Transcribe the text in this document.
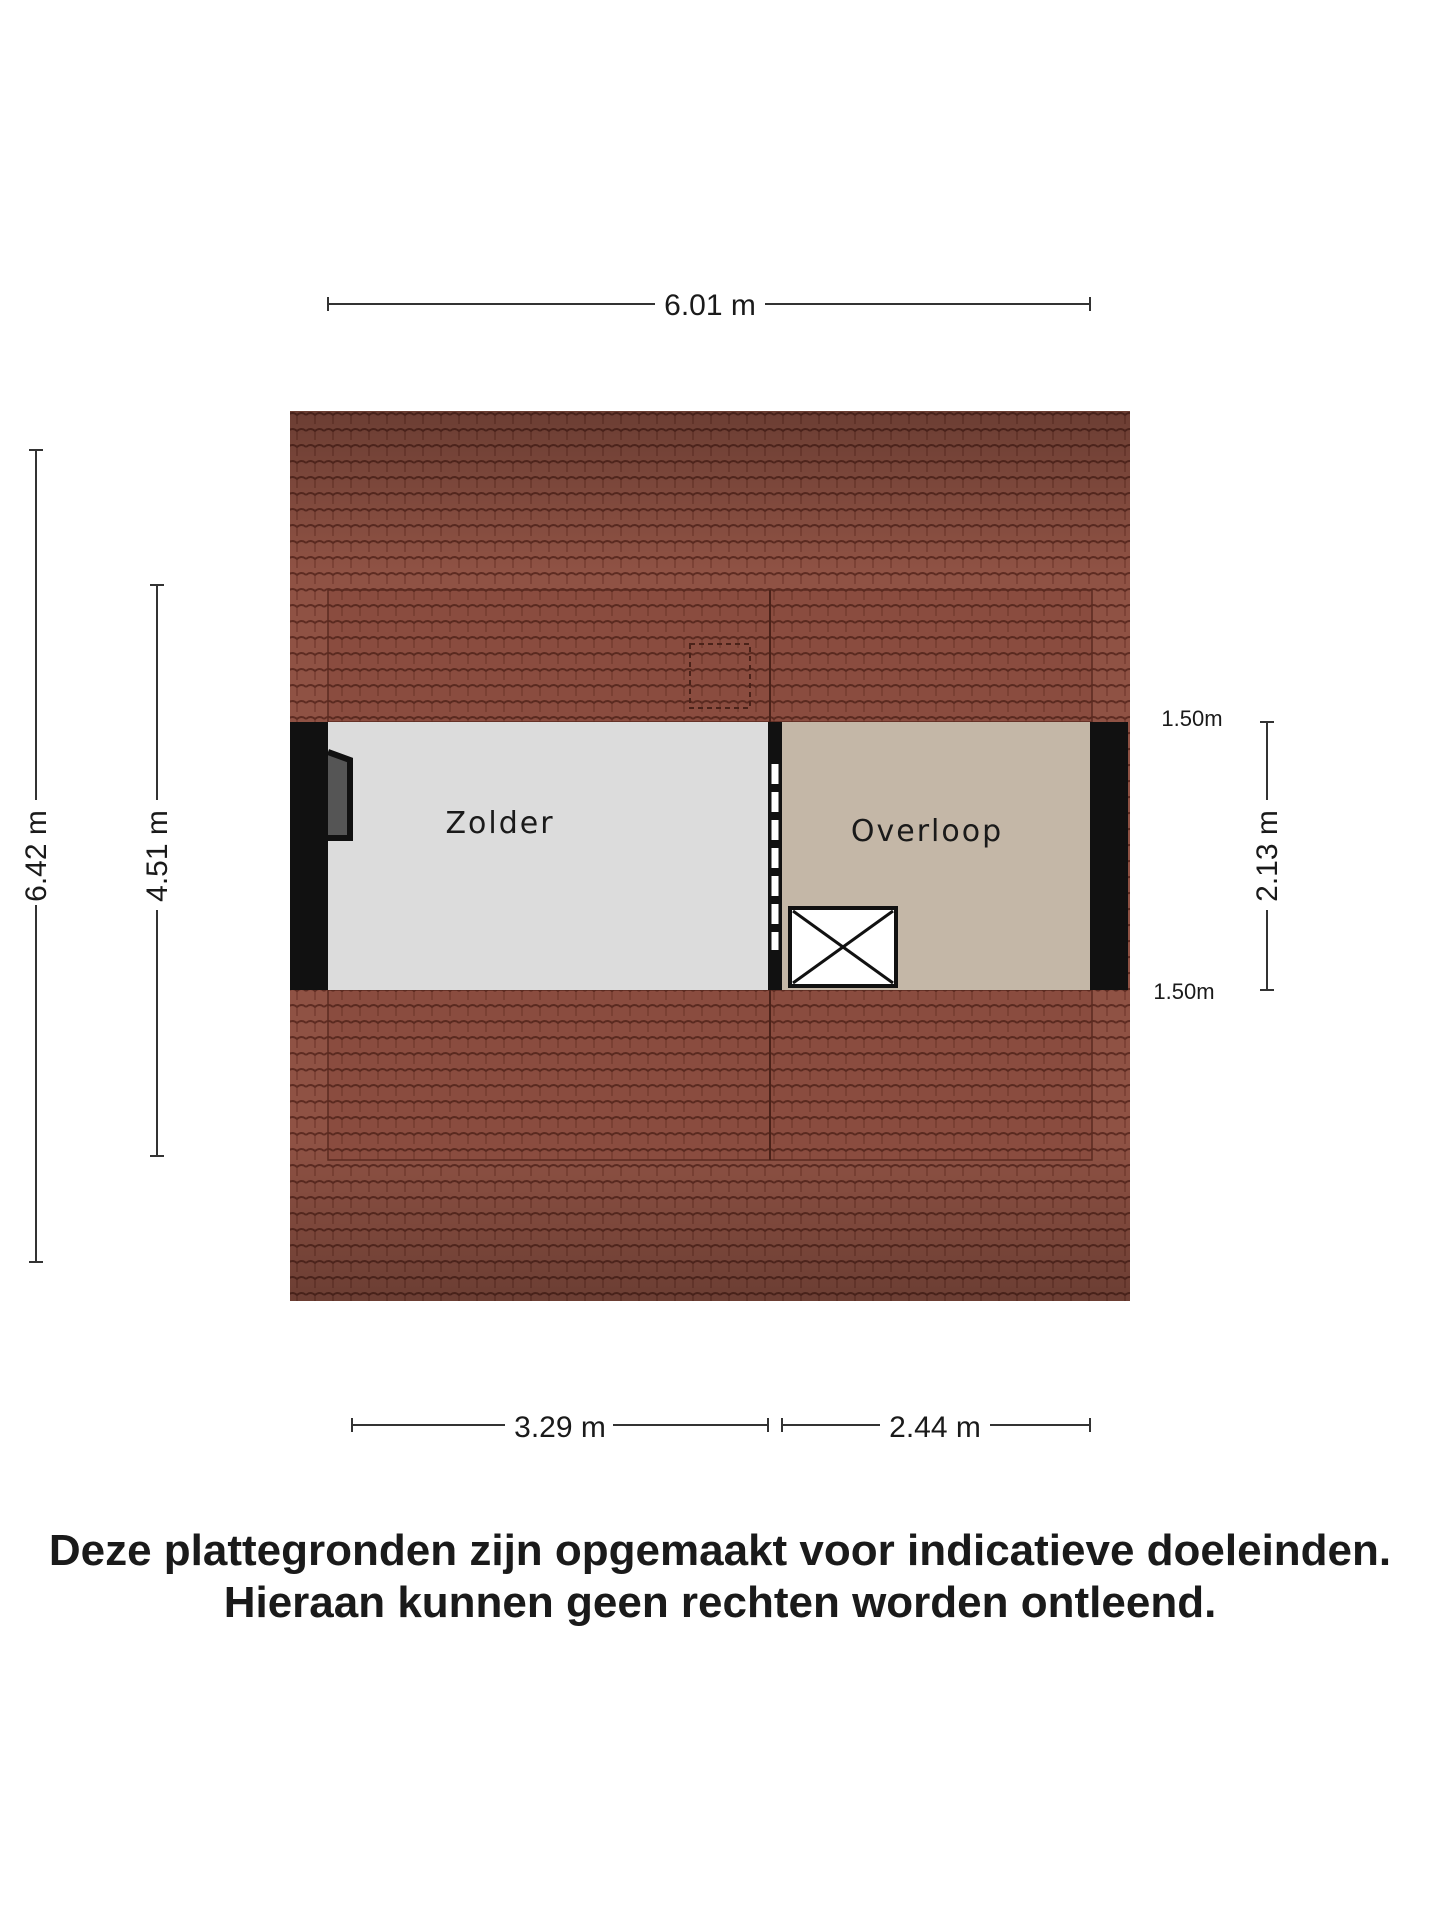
Zolder	Overloop
6.01 m
6.42 m	4.51 m	2.13 m
1.50m
1.50m
3.29 m	2.44 m
Deze plattegronden zijn opgemaakt voor indicatieve doeleinden.
Hieraan kunnen geen rechten worden ontleend.
